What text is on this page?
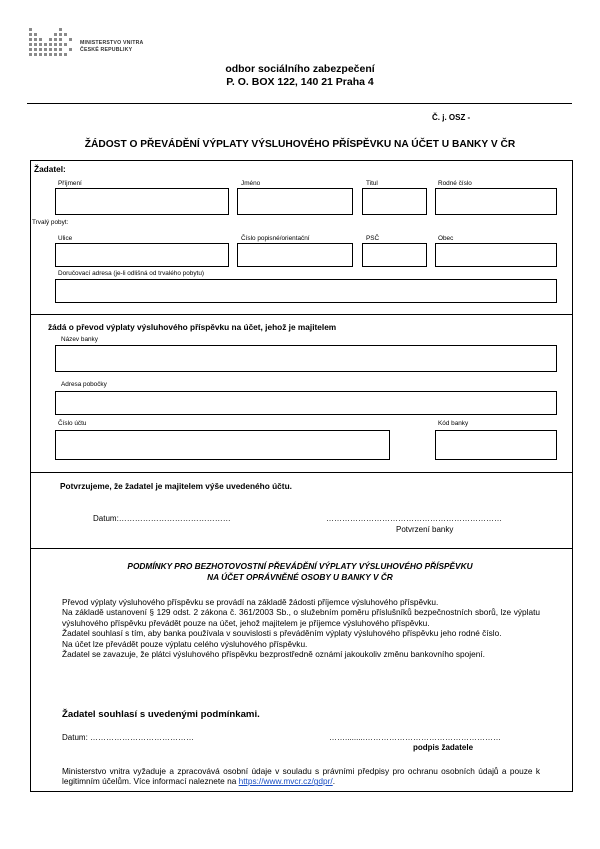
MINISTERSTVO VNITRA
ČESKÉ REPUBLIKY
odbor sociálního zabezpečení
P. O. BOX 122, 140 21 Praha 4
Č. j. OSZ -
ŽÁDOST O PŘEVÁDĚNÍ VÝPLATY VÝSLUHOVÉHO PŘÍSPĚVKU NA ÚČET U BANKY V ČR
Žadatel:
Příjmení	Jméno	Titul	Rodné číslo
Trvalý pobyt:
Ulice	Číslo popisné/orientační	PSČ	Obec
Doručovací adresa (je-li odlišná od trvalého pobytu)
žádá o převod výplaty výsluhového příspěvku na účet, jehož je majitelem
Název banky
Adresa pobočky
Číslo účtu	Kód banky
Potvrzujeme, že žadatel je majitelem výše uvedeného účtu.
Datum:……………………………………	…………………………………………………………
Potvrzení banky
PODMÍNKY PRO BEZHOTOVOSTNÍ PŘEVÁDĚNÍ VÝPLATY VÝSLUHOVÉHO PŘÍSPĚVKU
NA ÚČET OPRÁVNĚNÉ OSOBY U BANKY V ČR

Převod výplaty výsluhového příspěvku se provádí na základě žádosti příjemce výsluhového příspěvku.

Na základě ustanovení § 129 odst. 2 zákona č. 361/2003 Sb., o služebním poměru příslušníků bezpečnostních sborů, lze výplatu výsluhového příspěvku převádět pouze na účet, jehož majitelem je příjemce výsluhového příspěvku.

Žadatel souhlasí s tím, aby banka používala v souvislosti s převáděním výplaty výsluhového příspěvku jeho rodné číslo.

Na účet lze převádět pouze výplatu celého výsluhového příspěvku.

Žadatel se zavazuje, že plátci výsluhového příspěvku bezprostředně oznámí jakoukoliv změnu bankovního spojení.

Žadatel souhlasí s uvedenými podmínkami.
Datum: …………………………………	…….........……………………………………………
podpis žadatele
Ministerstvo vnitra vyžaduje a zpracovává osobní údaje v souladu s právními předpisy pro ochranu osobních údajů a pouze k legitimním účelům. Více informací naleznete na https://www.mvcr.cz/gdpr/.
